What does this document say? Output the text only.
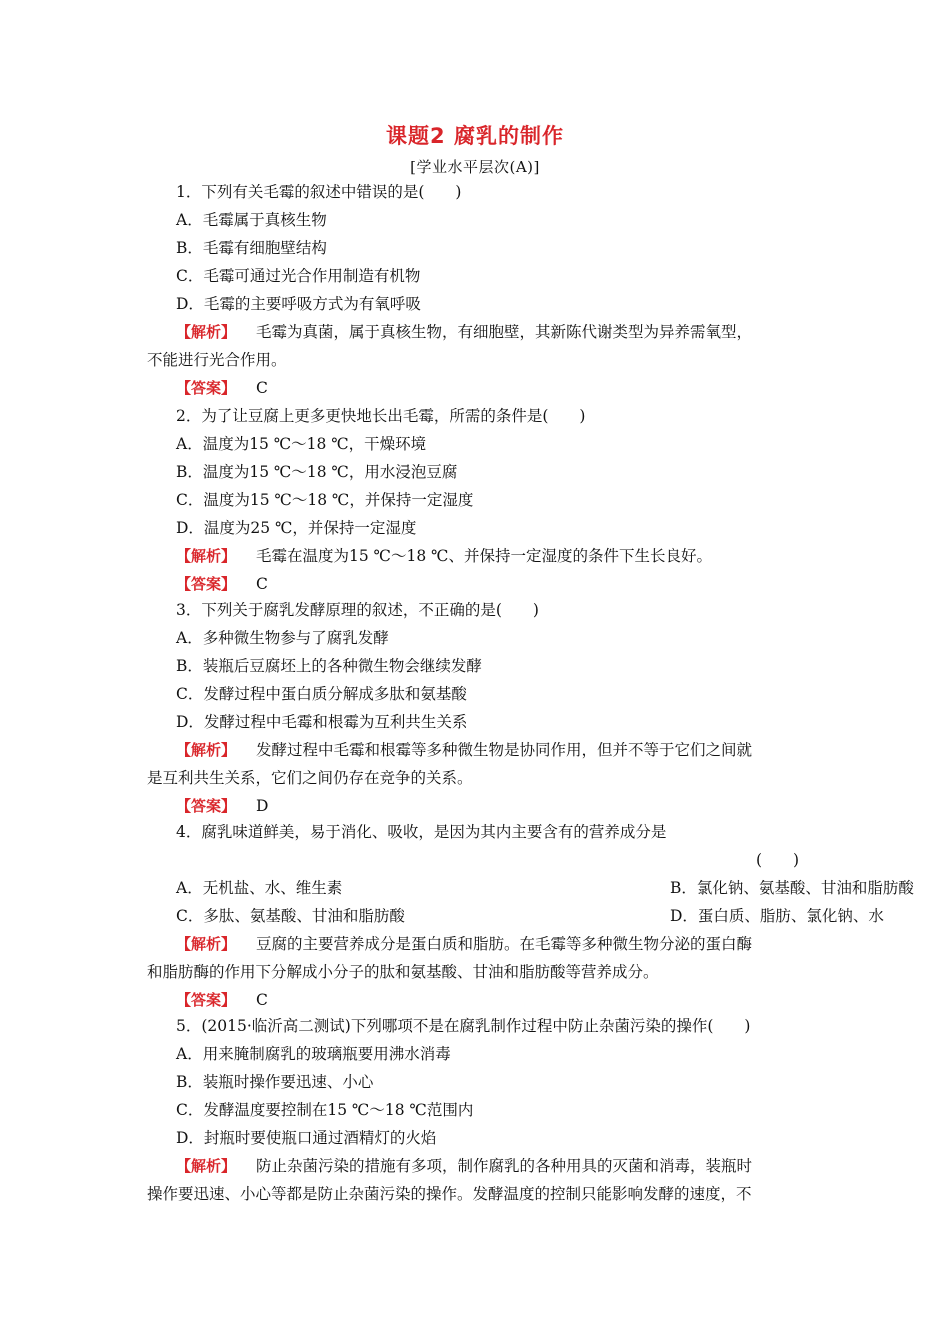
课题2 腐乳的制作
[学业水平层次(A)]
1．下列有关毛霉的叙述中错误的是(　　)
A．毛霉属于真核生物
B．毛霉有细胞壁结构
C．毛霉可通过光合作用制造有机物
D．毛霉的主要呼吸方式为有氧呼吸
【解析】 毛霉为真菌，属于真核生物，有细胞壁，其新陈代谢类型为异养需氧型，
不能进行光合作用。
【答案】 C
2．为了让豆腐上更多更快地长出毛霉，所需的条件是(　　)
A．温度为15 ℃～18 ℃，干燥环境
B．温度为15 ℃～18 ℃，用水浸泡豆腐
C．温度为15 ℃～18 ℃，并保持一定湿度
D．温度为25 ℃，并保持一定湿度
【解析】 毛霉在温度为15 ℃～18 ℃、并保持一定湿度的条件下生长良好。
【答案】 C
3．下列关于腐乳发酵原理的叙述，不正确的是(　　)
A．多种微生物参与了腐乳发酵
B．装瓶后豆腐坯上的各种微生物会继续发酵
C．发酵过程中蛋白质分解成多肽和氨基酸
D．发酵过程中毛霉和根霉为互利共生关系
【解析】 发酵过程中毛霉和根霉等多种微生物是协同作用，但并不等于它们之间就
是互利共生关系，它们之间仍存在竞争的关系。
【答案】 D
4．腐乳味道鲜美，易于消化、吸收，是因为其内主要含有的营养成分是
(　　)
A．无机盐、水、维生素	B．氯化钠、氨基酸、甘油和脂肪酸
C．多肽、氨基酸、甘油和脂肪酸	D．蛋白质、脂肪、氯化钠、水
【解析】 豆腐的主要营养成分是蛋白质和脂肪。在毛霉等多种微生物分泌的蛋白酶
和脂肪酶的作用下分解成小分子的肽和氨基酸、甘油和脂肪酸等营养成分。
【答案】 C
5．(2015·临沂高二测试)下列哪项不是在腐乳制作过程中防止杂菌污染的操作(　　)
A．用来腌制腐乳的玻璃瓶要用沸水消毒
B．装瓶时操作要迅速、小心
C．发酵温度要控制在15 ℃～18 ℃范围内
D．封瓶时要使瓶口通过酒精灯的火焰
【解析】 防止杂菌污染的措施有多项，制作腐乳的各种用具的灭菌和消毒，装瓶时
操作要迅速、小心等都是防止杂菌污染的操作。发酵温度的控制只能影响发酵的速度，不
